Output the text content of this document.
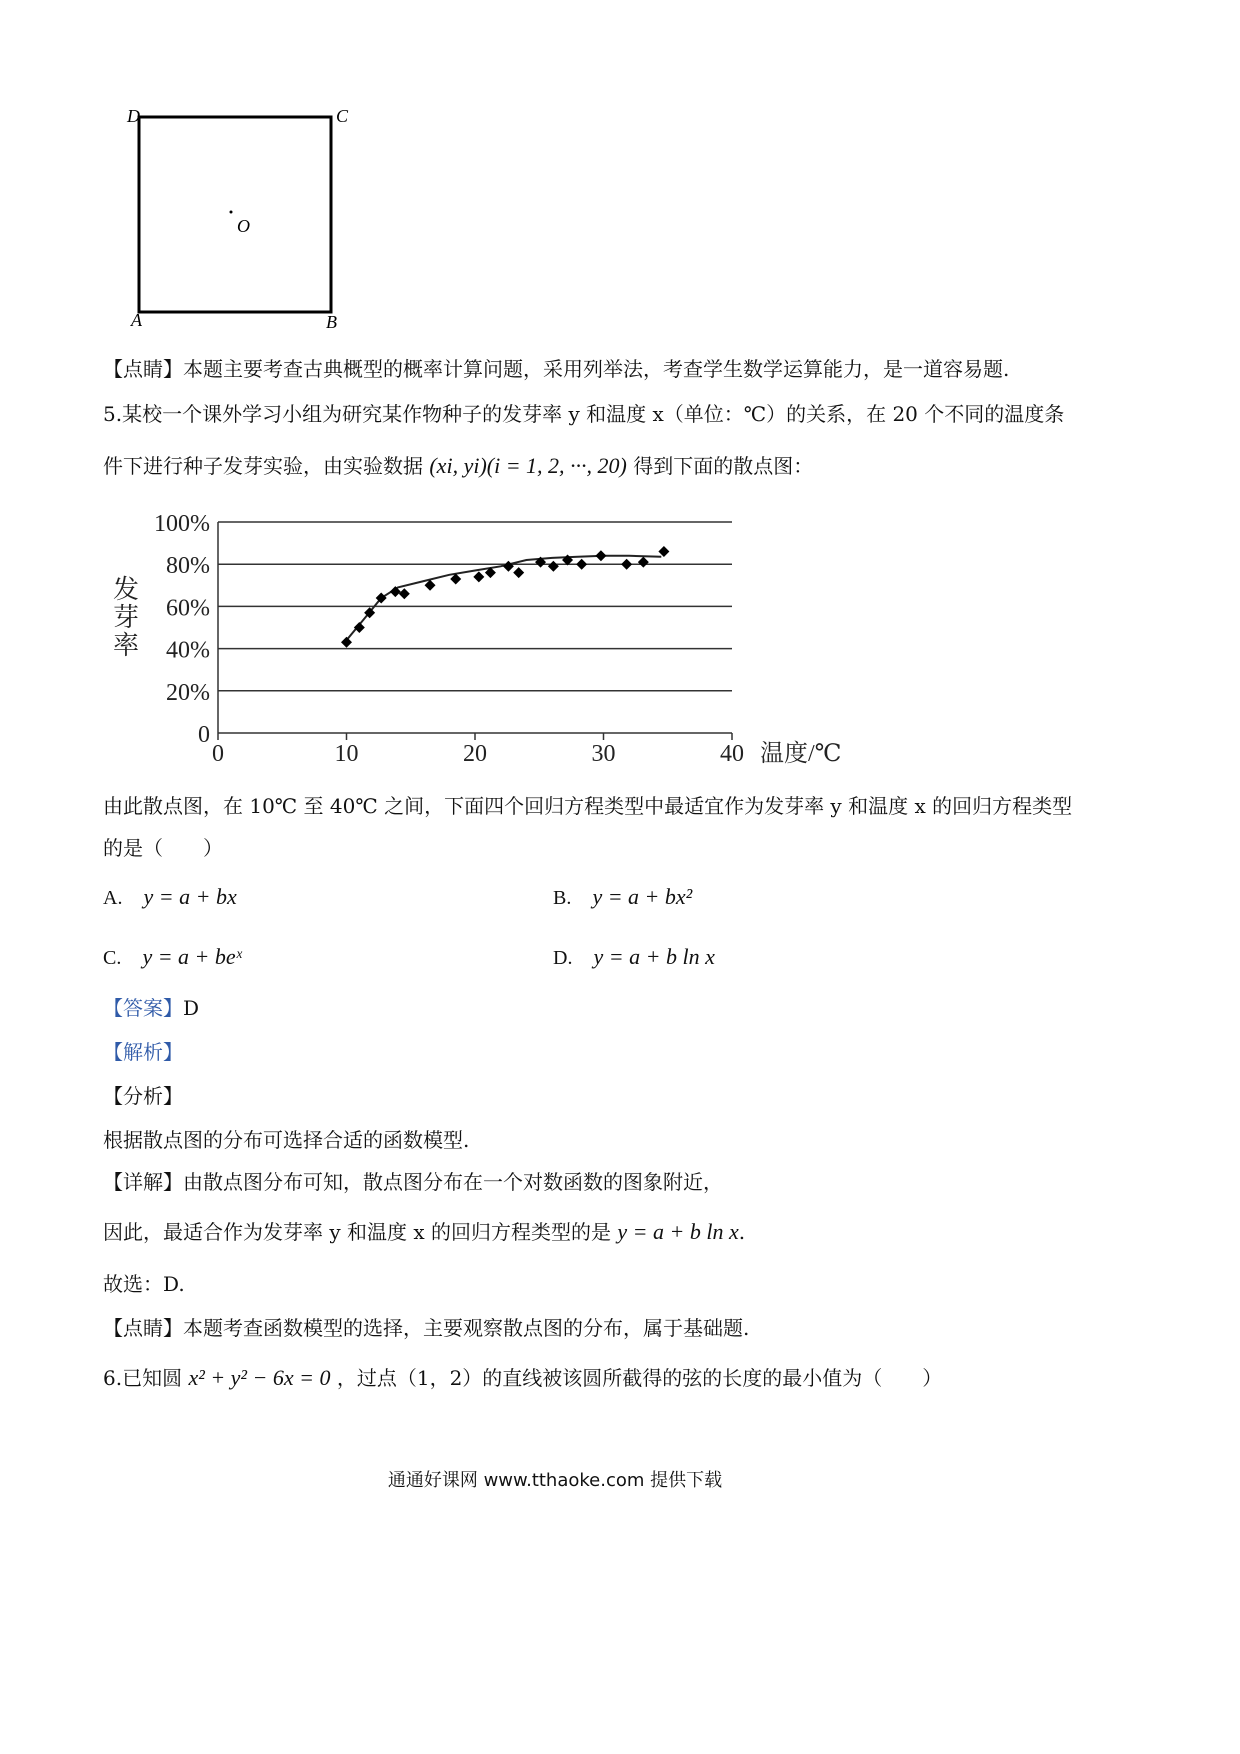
D	C
O
A	B
【点睛】本题主要考查古典概型的概率计算问题，采用列举法，考查学生数学运算能力，是一道容易题.
5.某校一个课外学习小组为研究某作物种子的发芽率 y 和温度 x（单位：℃）的关系，在 20 个不同的温度条
件下进行种子发芽实验，由实验数据 (xi, yi)(i = 1, 2, ···, 20) 得到下面的散点图：
0
20%
40%
60%
80%
100%
0	10	20	30	40
发芽率
温度/℃
由此散点图，在 10℃ 至 40℃ 之间，下面四个回归方程类型中最适宜作为发芽率 y 和温度 x 的回归方程类型
的是（　　）
A. y = a + bx	B. y = a + bx²
C. y = a + beˣ	D. y = a + b ln x
【答案】D
【解析】
【分析】
根据散点图的分布可选择合适的函数模型.
【详解】由散点图分布可知，散点图分布在一个对数函数的图象附近，
因此，最适合作为发芽率 y 和温度 x 的回归方程类型的是 y = a + b ln x.
故选：D.
【点睛】本题考查函数模型的选择，主要观察散点图的分布，属于基础题.
6.已知圆 x² + y² − 6x = 0 ，过点（1，2）的直线被该圆所截得的弦的长度的最小值为（　　）
通通好课网 www.tthaoke.com 提供下载
